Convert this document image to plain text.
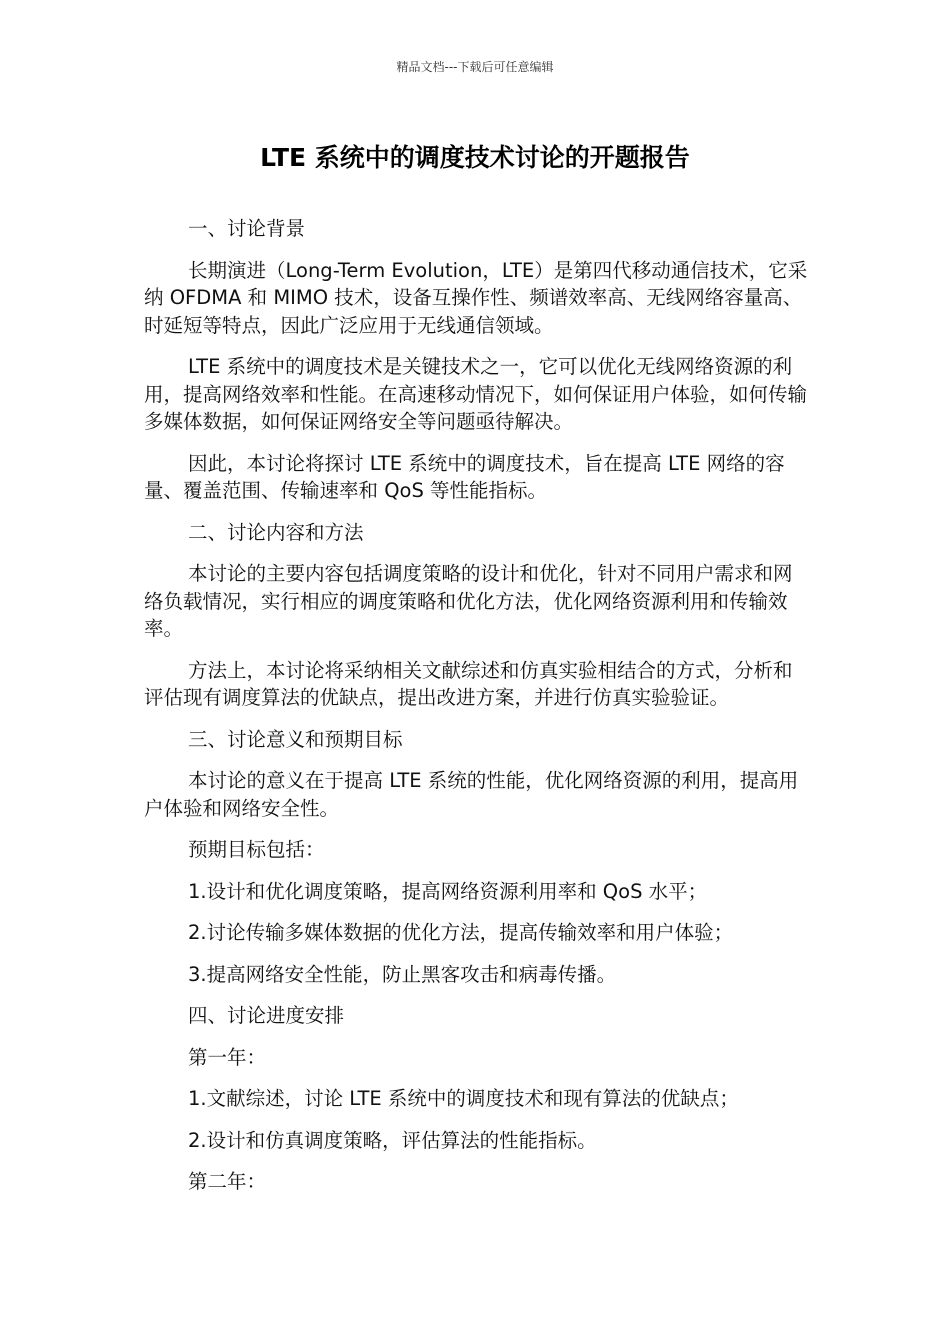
精品文档---下载后可任意编辑
LTE 系统中的调度技术讨论的开题报告

一、讨论背景

长期演进（Long-Term Evolution，LTE）是第四代移动通信技术，它采纳 OFDMA 和 MIMO 技术，设备互操作性、频谱效率高、无线网络容量高、时延短等特点，因此广泛应用于无线通信领域。

LTE 系统中的调度技术是关键技术之一，它可以优化无线网络资源的利用，提高网络效率和性能。在高速移动情况下，如何保证用户体验，如何传输多媒体数据，如何保证网络安全等问题亟待解决。

因此，本讨论将探讨 LTE 系统中的调度技术，旨在提高 LTE 网络的容量、覆盖范围、传输速率和 QoS 等性能指标。

二、讨论内容和方法

本讨论的主要内容包括调度策略的设计和优化，针对不同用户需求和网络负载情况，实行相应的调度策略和优化方法，优化网络资源利用和传输效率。

方法上，本讨论将采纳相关文献综述和仿真实验相结合的方式，分析和评估现有调度算法的优缺点，提出改进方案，并进行仿真实验验证。

三、讨论意义和预期目标

本讨论的意义在于提高 LTE 系统的性能，优化网络资源的利用，提高用户体验和网络安全性。

预期目标包括：

1.设计和优化调度策略，提高网络资源利用率和 QoS 水平；

2.讨论传输多媒体数据的优化方法，提高传输效率和用户体验；

3.提高网络安全性能，防止黑客攻击和病毒传播。

四、讨论进度安排

第一年：

1.文献综述，讨论 LTE 系统中的调度技术和现有算法的优缺点；

2.设计和仿真调度策略，评估算法的性能指标。

第二年：
